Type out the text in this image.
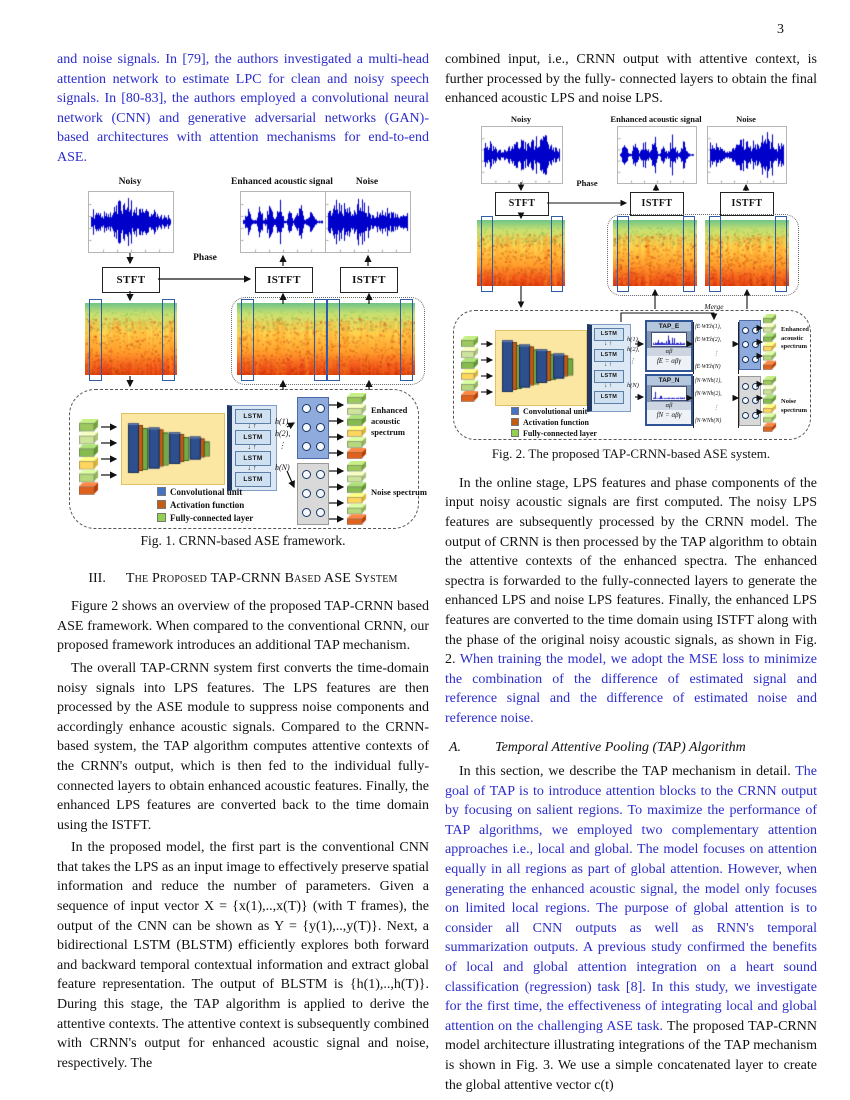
3

and noise signals. In [79], the authors investigated a multi-head attention network to estimate LPC for clean and noisy speech signals. In [80-83], the authors employed a convolutional neural network (CNN) and generative adversarial networks (GAN)-based architectures with attention mechanisms for end-to-end ASE.

Noisy	Enhanced acoustic signal	Noise
STFT
Phase
ISTFT	ISTFT
LSTM
LSTM
LSTM
LSTM
↓ ↑
↓ ↑
↓ ↑
h(1),
h(2),
⋮
h(N)
Enhanced acoustic spectrum
Noise spectrum
Convolutional unit
Activation function
Fully-connected layer
Fig. 1. CRNN-based ASE framework.
III. The Proposed TAP-CRNN Based ASE System

Figure 2 shows an overview of the proposed TAP-CRNN based ASE framework. When compared to the conventional CRNN, our proposed framework introduces an additional TAP mechanism.

The overall TAP-CRNN system first converts the time-domain noisy signals into LPS features. The LPS features are then processed by the ASE module to suppress noise components and accordingly enhance acoustic signals. Compared to the CRNN-based system, the TAP algorithm computes attentive contexts of the CRNN's output, which is then fed to the individual fully-connected layers to obtain enhanced acoustic features. Finally, the enhanced LPS features are converted back to the time domain using the ISTFT.

In the proposed model, the first part is the conventional CNN that takes the LPS as an input image to effectively preserve spatial information and reduce the number of parameters. Given a sequence of input vector X = {x(1),..,x(T)} (with T frames), the output of the CNN can be shown as Y = {y(1),..,y(T)}. Next, a bidirectional LSTM (BLSTM) efficiently explores both forward and backward temporal contextual information and extract global feature representation. The output of BLSTM is {h(1),..,h(T)}. During this stage, the TAP algorithm is applied to derive the attentive contexts. The attentive context is subsequently combined with CRNN's output for enhanced acoustic signal and noise, respectively. The

combined input, i.e., CRNN output with attentive context, is further processed by the fully- connected layers to obtain the final enhanced acoustic LPS and noise LPS.

Noisy	Enhanced acoustic signal	Noise
STFT
Phase
ISTFT	ISTFT
LSTM
LSTM
LSTM
LSTM
↓ ↑
↓ ↑
↓ ↑
h(1),
h(2),
⋮
h(N)
Merge
TAP_E
αβ
fE = αβγ
TAP_N
αβ
fN = αβγ
fE·WEh(1),
fE·WEh(2),
⋮
fE·WEh(N)
fN·WNh(1),
fN·WNh(2),
⋮
fN·WNh(N)
Enhanced acoustic spectrum
Noise spectrum
Convolutional unit
Activation function
Fully-connected layer
Fig. 2. The proposed TAP-CRNN-based ASE system.

In the online stage, LPS features and phase components of the input noisy acoustic signals are first computed. The noisy LPS features are subsequently processed by the CRNN model. The output of CRNN is then processed by the TAP algorithm to obtain the attentive contexts of the enhanced spectra. The enhanced spectra is forwarded to the fully-connected layers to generate the enhanced LPS and noise LPS features. Finally, the enhanced LPS features are converted to the time domain using ISTFT along with the phase of the original noisy acoustic signals, as shown in Fig. 2. When training the model, we adopt the MSE loss to minimize the combination of the difference of estimated signal and reference signal and the difference of estimated noise and reference noise.

A. Temporal Attentive Pooling (TAP) Algorithm

In this section, we describe the TAP mechanism in detail. The goal of TAP is to introduce attention blocks to the CRNN output by focusing on salient regions. To maximize the performance of TAP algorithms, we employed two complementary attention approaches i.e., local and global. The model focuses on attention equally in all regions as part of global attention. However, when generating the enhanced acoustic signal, the model only focuses on limited local regions. The purpose of global attention is to consider all CNN outputs as well as RNN's temporal summarization outputs. A previous study confirmed the benefits of local and global attention integration on a heart sound classification (regression) task [8]. In this study, we investigate for the first time, the effectiveness of integrating local and global attention on the challenging ASE task. The proposed TAP-CRNN model architecture illustrating integrations of the TAP mechanism is shown in Fig. 3. We use a simple concatenated layer to create the global attentive vector c(t)
